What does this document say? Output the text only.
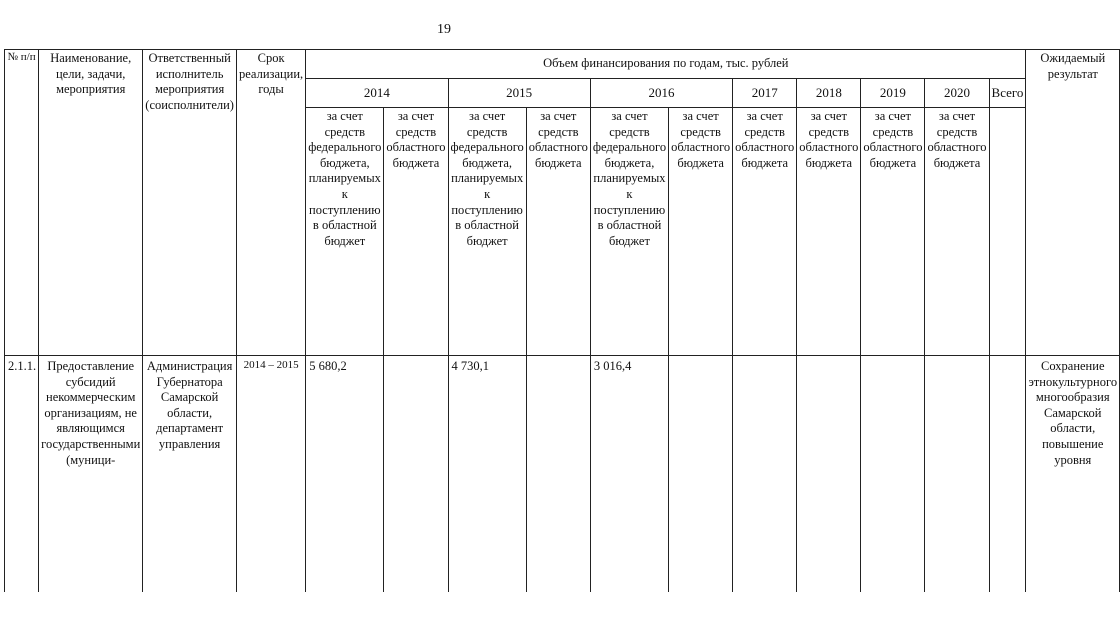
19
№ п/п	Наименование, цели, задачи, мероприятия	Ответственный исполнитель мероприятия (соисполнители)	Срок реализации, годы	Объем финансирования по годам, тыс. рублей											Ожидаемый результат
				2014		2015		2016		2017	2018	2019	2020	Всего	
				за счет средств федерального бюджета, планируемых к поступлению в областной бюджет	за счет средств областного бюджета	за счет средств федерального бюджета, планируемых к поступлению в областной бюджет	за счет средств областного бюджета	за счет средств федерального бюджета, планируемых к поступлению в областной бюджет	за счет средств областного бюджета	за счет средств областного бюджета	за счет средств областного бюджета	за счет средств областного бюджета	за счет средств областного бюджета		
2.1.1.	Предоставление субсидий некоммерческим организациям, не являющимся государственными (муници-	Администрация Губернатора Самарской области, департамент управления	2014 – 2015	5 680,2		4 730,1		3 016,4							Сохранение этнокультурного многообразия Самарской области, повышение уровня
